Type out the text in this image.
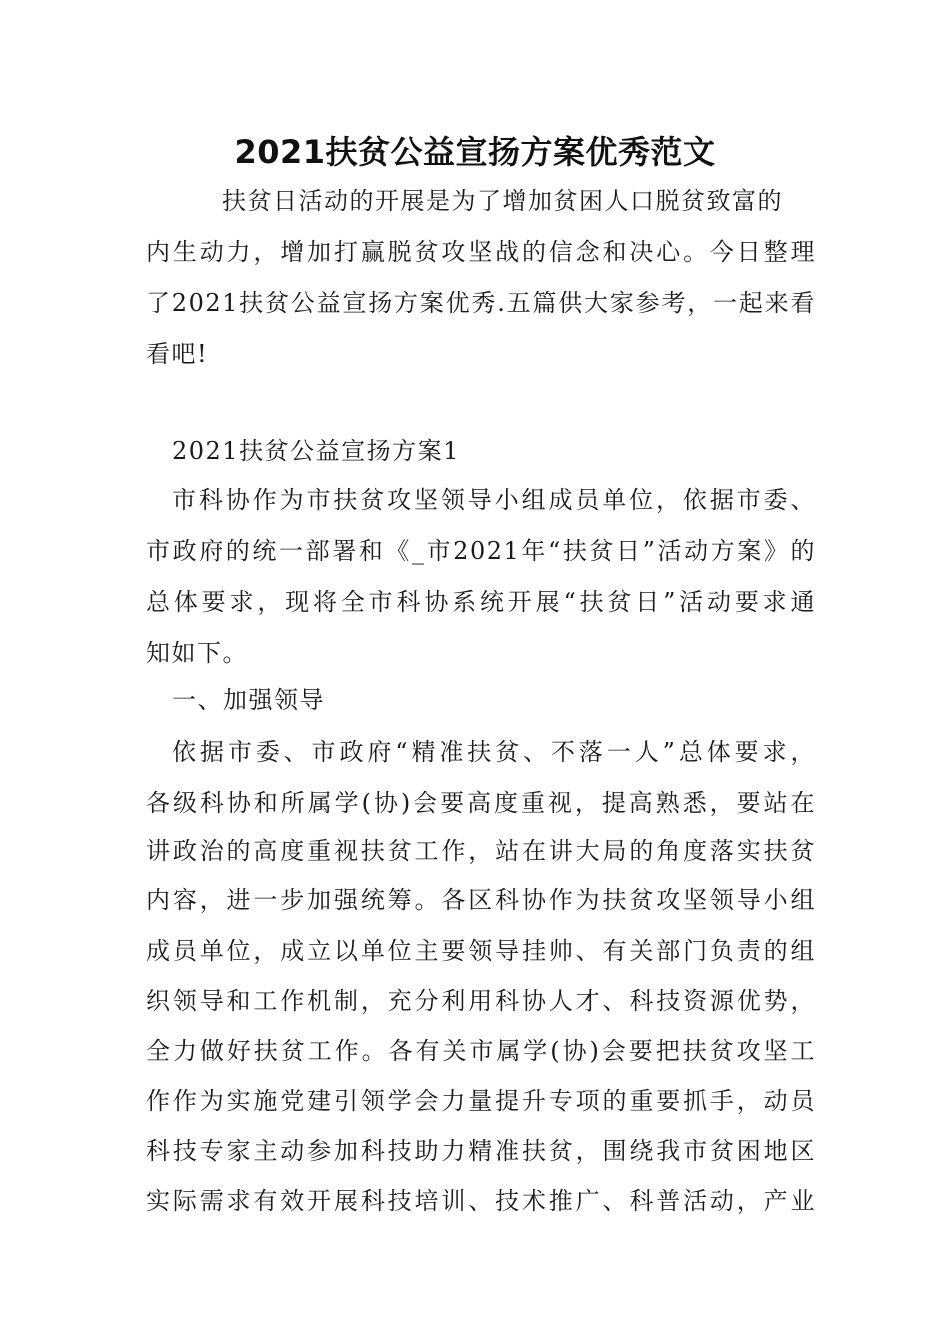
2021扶贫公益宣扬方案优秀范文
扶贫日活动的开展是为了增加贫困人口脱贫致富的
内生动力，增加打赢脱贫攻坚战的信念和决心。今日整理
了2021扶贫公益宣扬方案优秀.五篇供大家参考，一起来看
看吧!
2021扶贫公益宣扬方案1
市科协作为市扶贫攻坚领导小组成员单位，依据市委、
市政府的统一部署和《_市2021年“扶贫日”活动方案》的
总体要求，现将全市科协系统开展“扶贫日”活动要求通
知如下。
一、加强领导
依据市委、市政府“精准扶贫、不落一人”总体要求，
各级科协和所属学(协)会要高度重视，提高熟悉，要站在
讲政治的高度重视扶贫工作，站在讲大局的角度落实扶贫
内容，进一步加强统筹。各区科协作为扶贫攻坚领导小组
成员单位，成立以单位主要领导挂帅、有关部门负责的组
织领导和工作机制，充分利用科协人才、科技资源优势，
全力做好扶贫工作。各有关市属学(协)会要把扶贫攻坚工
作作为实施党建引领学会力量提升专项的重要抓手，动员
科技专家主动参加科技助力精准扶贫，围绕我市贫困地区
实际需求有效开展科技培训、技术推广、科普活动，产业
